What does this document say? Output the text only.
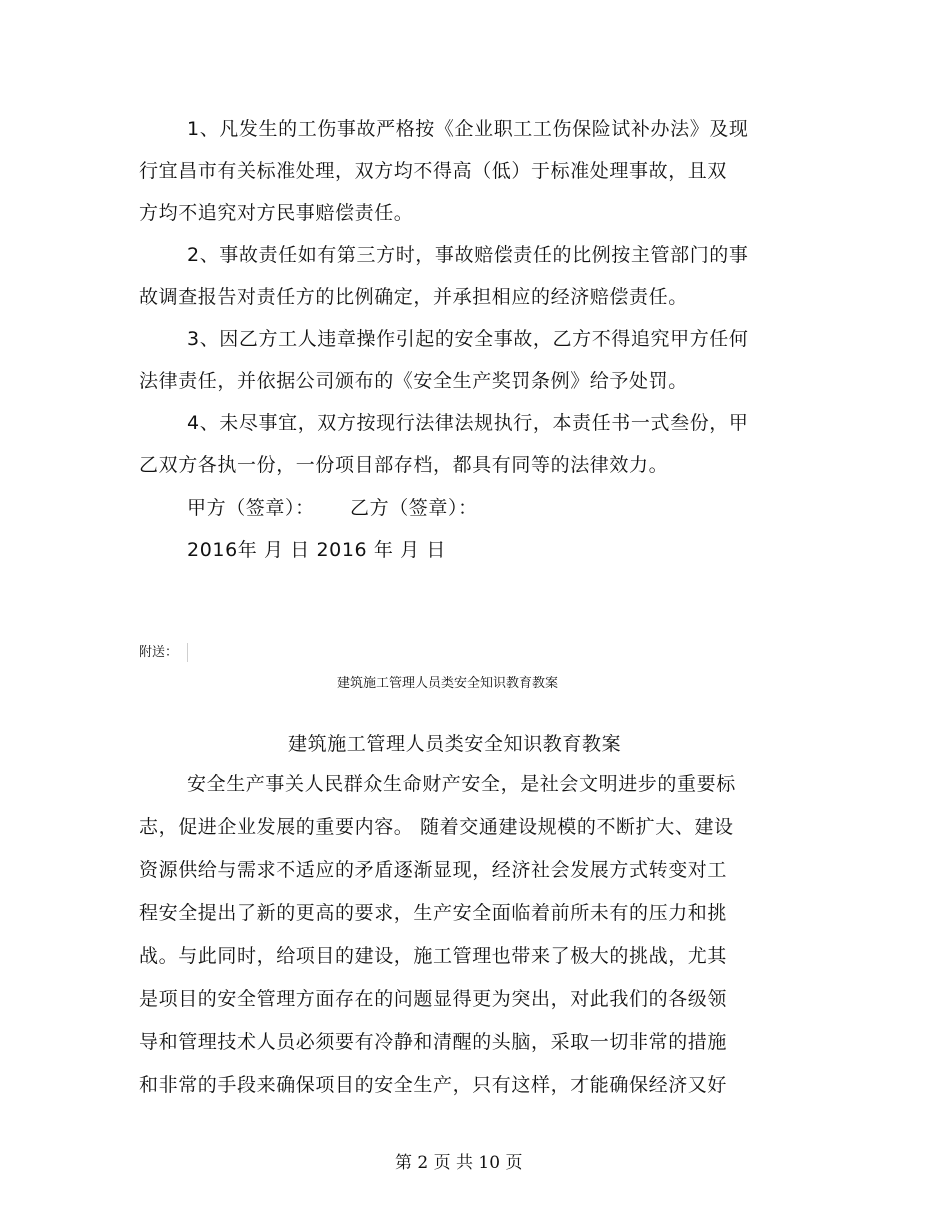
1、凡发生的工伤事故严格按《企业职工工伤保险试补办法》及现
行宜昌市有关标准处理，双方均不得高（低）于标准处理事故，且双
方均不追究对方民事赔偿责任。
2、事故责任如有第三方时，事故赔偿责任的比例按主管部门的事
故调查报告对责任方的比例确定，并承担相应的经济赔偿责任。
3、因乙方工人违章操作引起的安全事故，乙方不得追究甲方任何
法律责任，并依据公司颁布的《安全生产奖罚条例》给予处罚。
4、未尽事宜，双方按现行法律法规执行，本责任书一式叁份，甲
乙双方各执一份，一份项目部存档，都具有同等的法律效力。
甲方（签章）： 乙方（签章）：
2016年 月 日 2016 年 月 日
附送：
建筑施工管理人员类安全知识教育教案
建筑施工管理人员类安全知识教育教案
安全生产事关人民群众生命财产安全，是社会文明进步的重要标
志，促进企业发展的重要内容。 随着交通建设规模的不断扩大、建设
资源供给与需求不适应的矛盾逐渐显现，经济社会发展方式转变对工
程安全提出了新的更高的要求，生产安全面临着前所未有的压力和挑
战。与此同时，给项目的建设，施工管理也带来了极大的挑战，尤其
是项目的安全管理方面存在的问题显得更为突出，对此我们的各级领
导和管理技术人员必须要有冷静和清醒的头脑，采取一切非常的措施
和非常的手段来确保项目的安全生产，只有这样，才能确保经济又好
第 2 页 共 10 页
